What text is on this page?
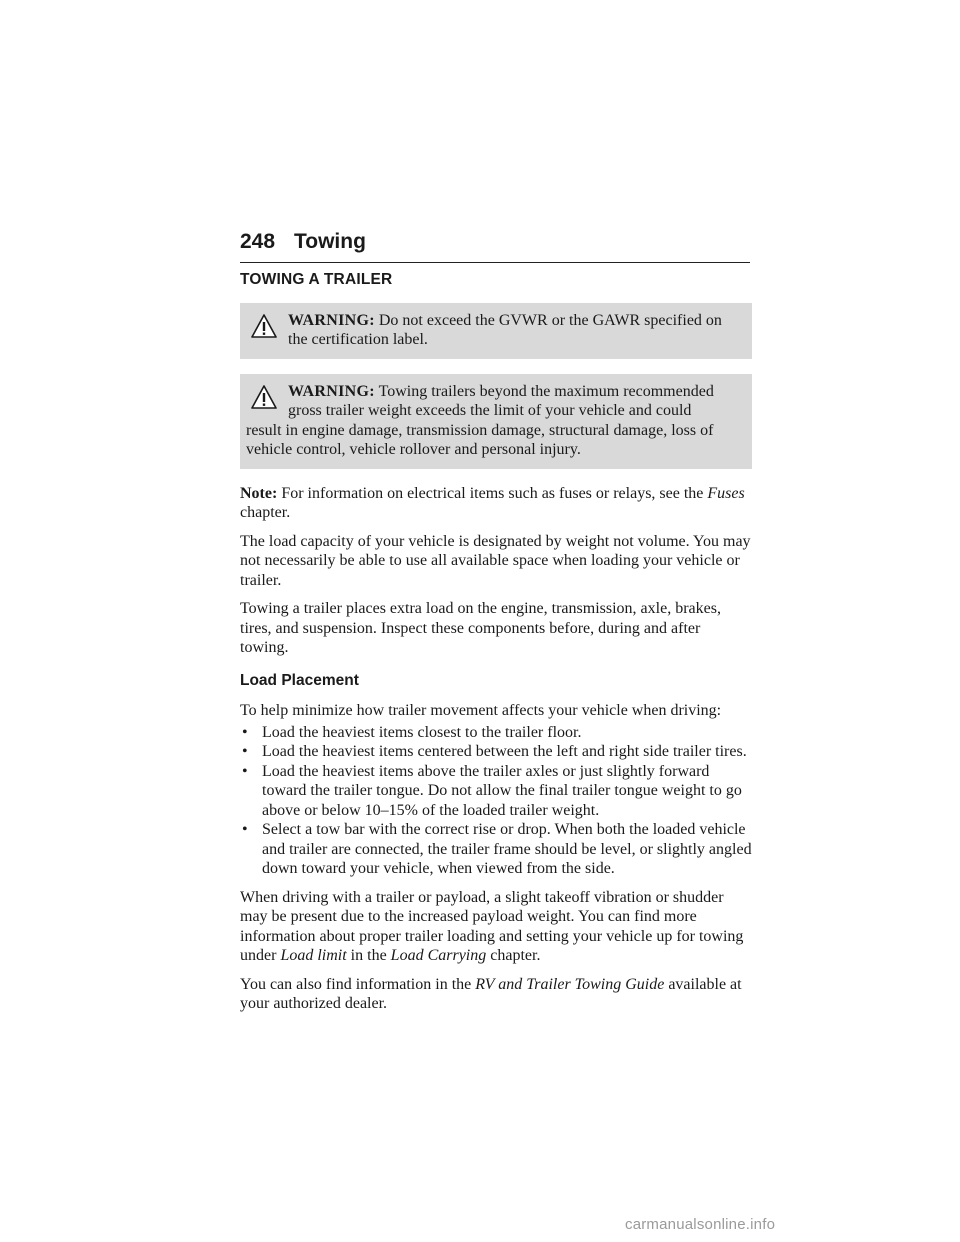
248 Towing
TOWING A TRAILER
WARNING: Do not exceed the GVWR or the GAWR specified on the certification label.
WARNING: Towing trailers beyond the maximum recommended
gross trailer weight exceeds the limit of your vehicle and could
result in engine damage, transmission damage, structural damage, loss of vehicle control, vehicle rollover and personal injury.

Note: For information on electrical items such as fuses or relays, see the Fuses chapter.

The load capacity of your vehicle is designated by weight not volume. You may not necessarily be able to use all available space when loading your vehicle or trailer.

Towing a trailer places extra load on the engine, transmission, axle, brakes, tires, and suspension. Inspect these components before, during and after towing.

Load Placement

To help minimize how trailer movement affects your vehicle when driving:

• Load the heaviest items closest to the trailer floor.
• Load the heaviest items centered between the left and right side trailer tires.
• Load the heaviest items above the trailer axles or just slightly forward toward the trailer tongue. Do not allow the final trailer tongue weight to go above or below 10–15% of the loaded trailer weight.
• Select a tow bar with the correct rise or drop. When both the loaded vehicle and trailer are connected, the trailer frame should be level, or slightly angled down toward your vehicle, when viewed from the side.

When driving with a trailer or payload, a slight takeoff vibration or shudder may be present due to the increased payload weight. You can find more information about proper trailer loading and setting your vehicle up for towing under Load limit in the Load Carrying chapter.

You can also find information in the RV and Trailer Towing Guide available at your authorized dealer.

carmanualsonline.info
